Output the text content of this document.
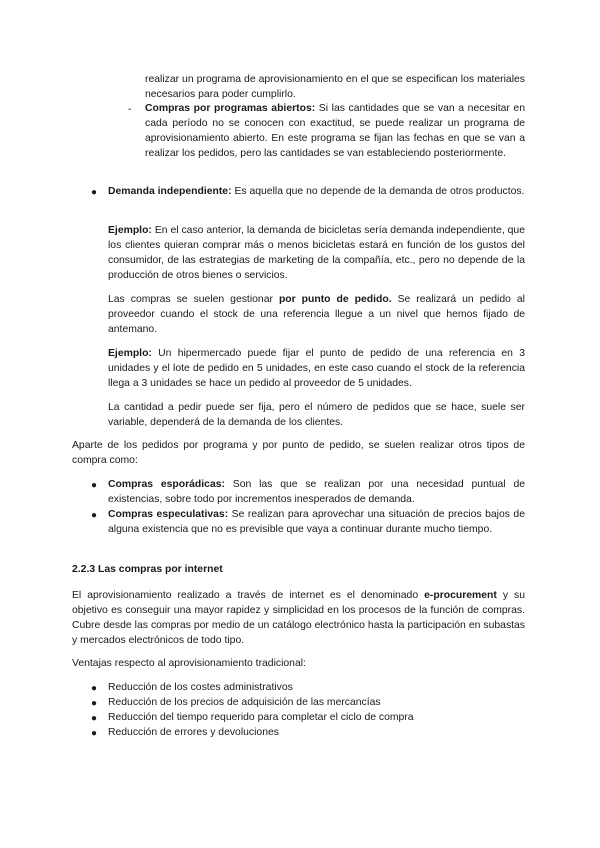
realizar un programa de aprovisionamiento en el que se especifican los materiales necesarios para poder cumplirlo.

- Compras por programas abiertos: Si las cantidades que se van a necesitar en cada período no se conocen con exactitud, se puede realizar un programa de aprovisionamiento abierto. En este programa se fijan las fechas en que se van a realizar los pedidos, pero las cantidades se van estableciendo posteriormente.

● Demanda independiente: Es aquella que no depende de la demanda de otros productos.

Ejemplo: En el caso anterior, la demanda de bicicletas sería demanda independiente, que los clientes quieran comprar más o menos bicicletas estará en función de los gustos del consumidor, de las estrategias de marketing de la compañía, etc., pero no depende de la producción de otros bienes o servicios.

Las compras se suelen gestionar por punto de pedido. Se realizará un pedido al proveedor cuando el stock de una referencia llegue a un nivel que hemos fijado de antemano.

Ejemplo: Un hipermercado puede fijar el punto de pedido de una referencia en 3 unidades y el lote de pedido en 5 unidades, en este caso cuando el stock de la referencia llega a 3 unidades se hace un pedido al proveedor de 5 unidades.

La cantidad a pedir puede ser fija, pero el número de pedidos que se hace, suele ser variable, dependerá de la demanda de los clientes.

Aparte de los pedidos por programa y por punto de pedido, se suelen realizar otros tipos de compra como:

● Compras esporádicas: Son las que se realizan por una necesidad puntual de existencias, sobre todo por incrementos inesperados de demanda.

● Compras especulativas: Se realizan para aprovechar una situación de precios bajos de alguna existencia que no es previsible que vaya a continuar durante mucho tiempo.

2.2.3 Las compras por internet

El aprovisionamiento realizado a través de internet es el denominado e-procurement y su objetivo es conseguir una mayor rapidez y simplicidad en los procesos de la función de compras. Cubre desde las compras por medio de un catálogo electrónico hasta la participación en subastas y mercados electrónicos de todo tipo.

Ventajas respecto al aprovisionamiento tradicional:
● Reducción de los costes administrativos
● Reducción de los precios de adquisición de las mercancías
● Reducción del tiempo requerido para completar el ciclo de compra
● Reducción de errores y devoluciones
